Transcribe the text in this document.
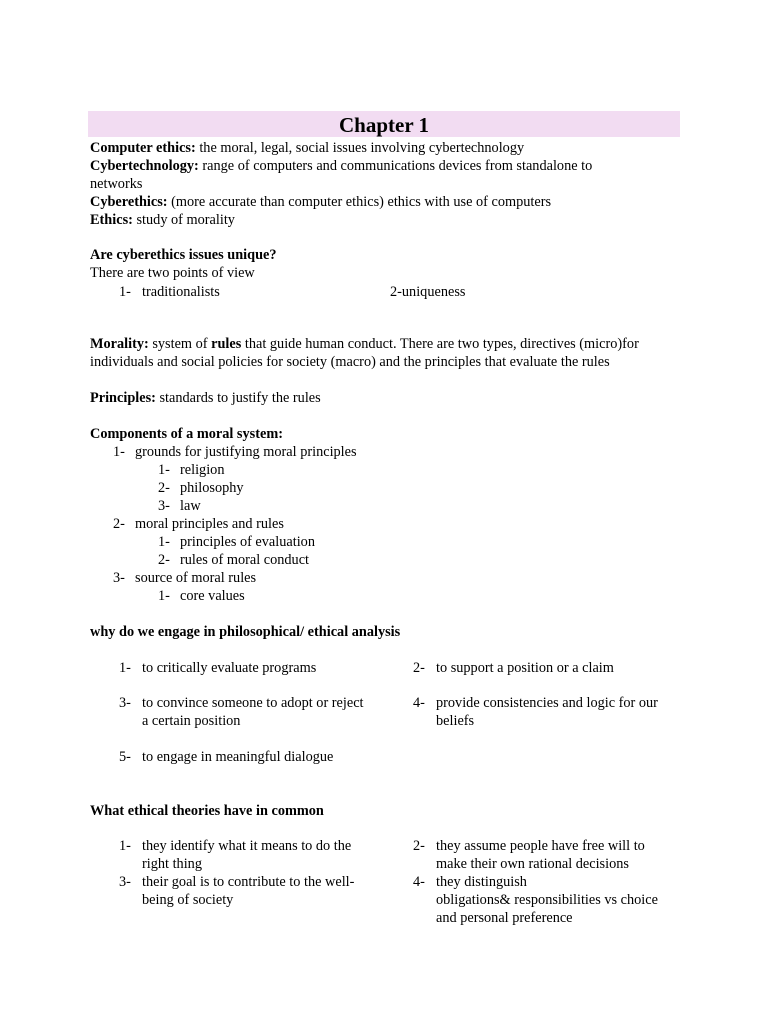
Chapter 1
Computer ethics: the moral, legal, social issues involving cybertechnology
Cybertechnology: range of computers and communications devices from standalone to
networks
Cyberethics: (more accurate than computer ethics) ethics with use of computers
Ethics: study of morality
Are cyberethics issues unique?
There are two points of view
1- traditionalists	2-uniqueness
Morality: system of rules that guide human conduct. There are two types, directives (micro)for
individuals and social policies for society (macro) and the principles that evaluate the rules
Principles: standards to justify the rules
Components of a moral system:
1- grounds for justifying moral principles
1- religion
2- philosophy
3- law
2- moral principles and rules
1- principles of evaluation
2- rules of moral conduct
3- source of moral rules
1- core values
why do we engage in philosophical/ ethical analysis
1- to critically evaluate programs	2- to support a position or a claim
3- to convince someone to adopt or reject
a certain position
4- provide consistencies and logic for our
beliefs
5- to engage in meaningful dialogue
What ethical theories have in common
1- they identify what it means to do the
right thing
2- they assume people have free will to
make their own rational decisions
3- their goal is to contribute to the well-
being of society
4- they distinguish
obligations& responsibilities vs choice
and personal preference
